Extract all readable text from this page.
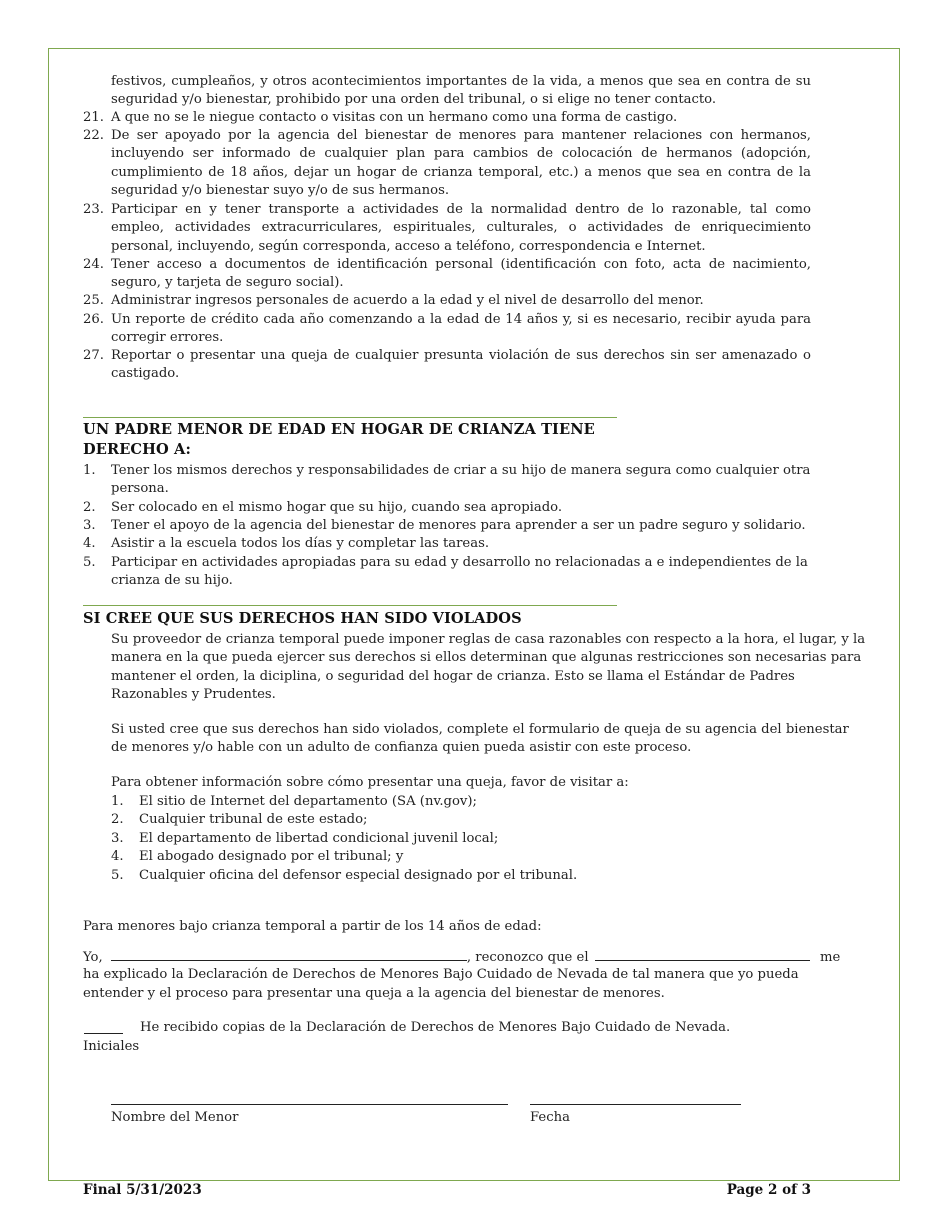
festivos, cumpleaños, y otros acontecimientos importantes de la vida, a menos que sea en contra de su seguridad y/o bienestar, prohibido por una orden del tribunal, o si elige no tener contacto.
21. A que no se le niegue contacto o visitas con un hermano como una forma de castigo.
22. De ser apoyado por la agencia del bienestar de menores para mantener relaciones con hermanos, incluyendo ser informado de cualquier plan para cambios de colocación de hermanos (adopción, cumplimiento de 18 años, dejar un hogar de crianza temporal, etc.) a menos que sea en contra de la seguridad y/o bienestar suyo y/o de sus hermanos.
23. Participar en y tener transporte a actividades de la normalidad dentro de lo razonable, tal como empleo, actividades extracurriculares, espirituales, culturales, o actividades de enriquecimiento personal, incluyendo, según corresponda, acceso a teléfono, correspondencia e Internet.
24. Tener acceso a documentos de identificación personal (identificación con foto, acta de nacimiento, seguro, y tarjeta de seguro social).
25. Administrar ingresos personales de acuerdo a la edad y el nivel de desarrollo del menor.
26. Un reporte de crédito cada año comenzando a la edad de 14 años y, si es necesario, recibir ayuda para corregir errores.
27. Reportar o presentar una queja de cualquier presunta violación de sus derechos sin ser amenazado o castigado.
UN PADRE MENOR DE EDAD EN HOGAR DE CRIANZA TIENE
DERECHO A:
1.	Tener los mismos derechos y responsabilidades de criar a su hijo de manera segura como cualquier otra persona.
2.	Ser colocado en el mismo hogar que su hijo, cuando sea apropiado.
3.	Tener el apoyo de la agencia del bienestar de menores para aprender a ser un padre seguro y solidario.
4.	Asistir a la escuela todos los días y completar las tareas.
5.	Participar en actividades apropiadas para su edad y desarrollo no relacionadas a e independientes de la crianza de su hijo.
SI CREE QUE SUS DERECHOS HAN SIDO VIOLADOS
Su proveedor de crianza temporal puede imponer reglas de casa razonables con respecto a la hora, el lugar, y la manera en la que pueda ejercer sus derechos si ellos determinan que algunas restricciones son necesarias para mantener el orden, la diciplina, o seguridad del hogar de crianza. Esto se llama el Estándar de Padres Razonables y Prudentes.
Si usted cree que sus derechos han sido violados, complete el formulario de queja de su agencia del bienestar de menores y/o hable con un adulto de confianza quien pueda asistir con este proceso.
Para obtener información sobre cómo presentar una queja, favor de visitar a:
1.	El sitio de Internet del departamento (SA (nv.gov);
2.	Cualquier tribunal de este estado;
3.	El departamento de libertad condicional juvenil local;
4.	El abogado designado por el tribunal; y
5.	Cualquier oficina del defensor especial designado por el tribunal.
Para menores bajo crianza temporal a partir de los 14 años de edad:
Yo,	, reconozco que el	me
ha explicado la Declaración de Derechos de Menores Bajo Cuidado de Nevada de tal manera que yo pueda
entender y el proceso para presentar una queja a la agencia del bienestar de menores.
He recibido copias de la Declaración de Derechos de Menores Bajo Cuidado de Nevada.
Iniciales
Nombre del Menor	Fecha
Final 5/31/2023	Page 2 of 3
